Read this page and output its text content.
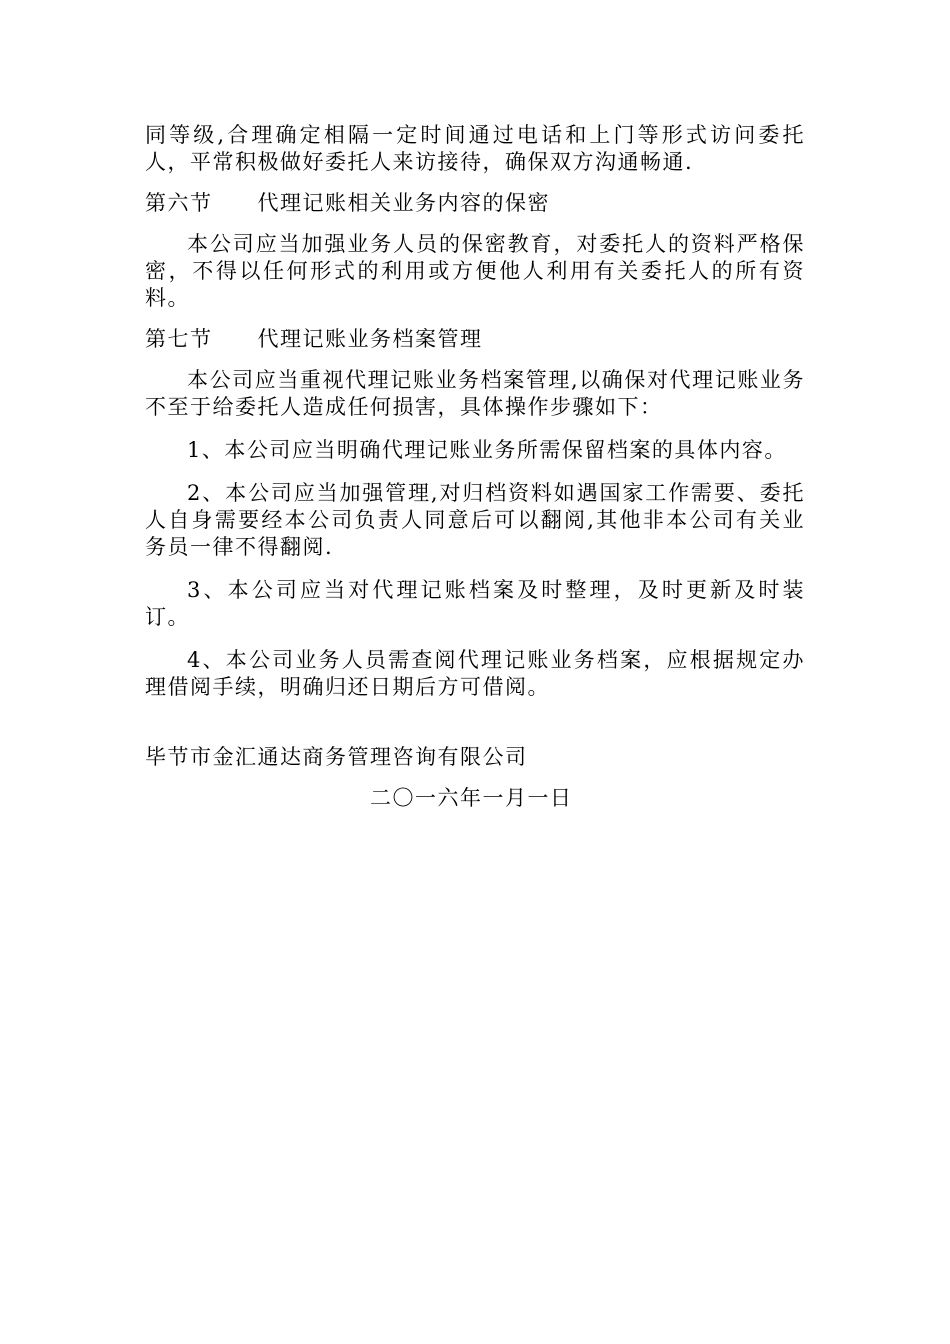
同等级,合理确定相隔一定时间通过电话和上门等形式访问委托人，平常积极做好委托人来访接待，确保双方沟通畅通.

第六节　　代理记账相关业务内容的保密

本公司应当加强业务人员的保密教育，对委托人的资料严格保密，不得以任何形式的利用或方便他人利用有关委托人的所有资料。

第七节　　代理记账业务档案管理

本公司应当重视代理记账业务档案管理,以确保对代理记账业务不至于给委托人造成任何损害，具体操作步骤如下：

1、本公司应当明确代理记账业务所需保留档案的具体内容。

2、本公司应当加强管理,对归档资料如遇国家工作需要、委托人自身需要经本公司负责人同意后可以翻阅,其他非本公司有关业务员一律不得翻阅.

3、本公司应当对代理记账档案及时整理，及时更新及时装订。

4、本公司业务人员需查阅代理记账业务档案，应根据规定办理借阅手续，明确归还日期后方可借阅。

毕节市金汇通达商务管理咨询有限公司

二〇一六年一月一日
